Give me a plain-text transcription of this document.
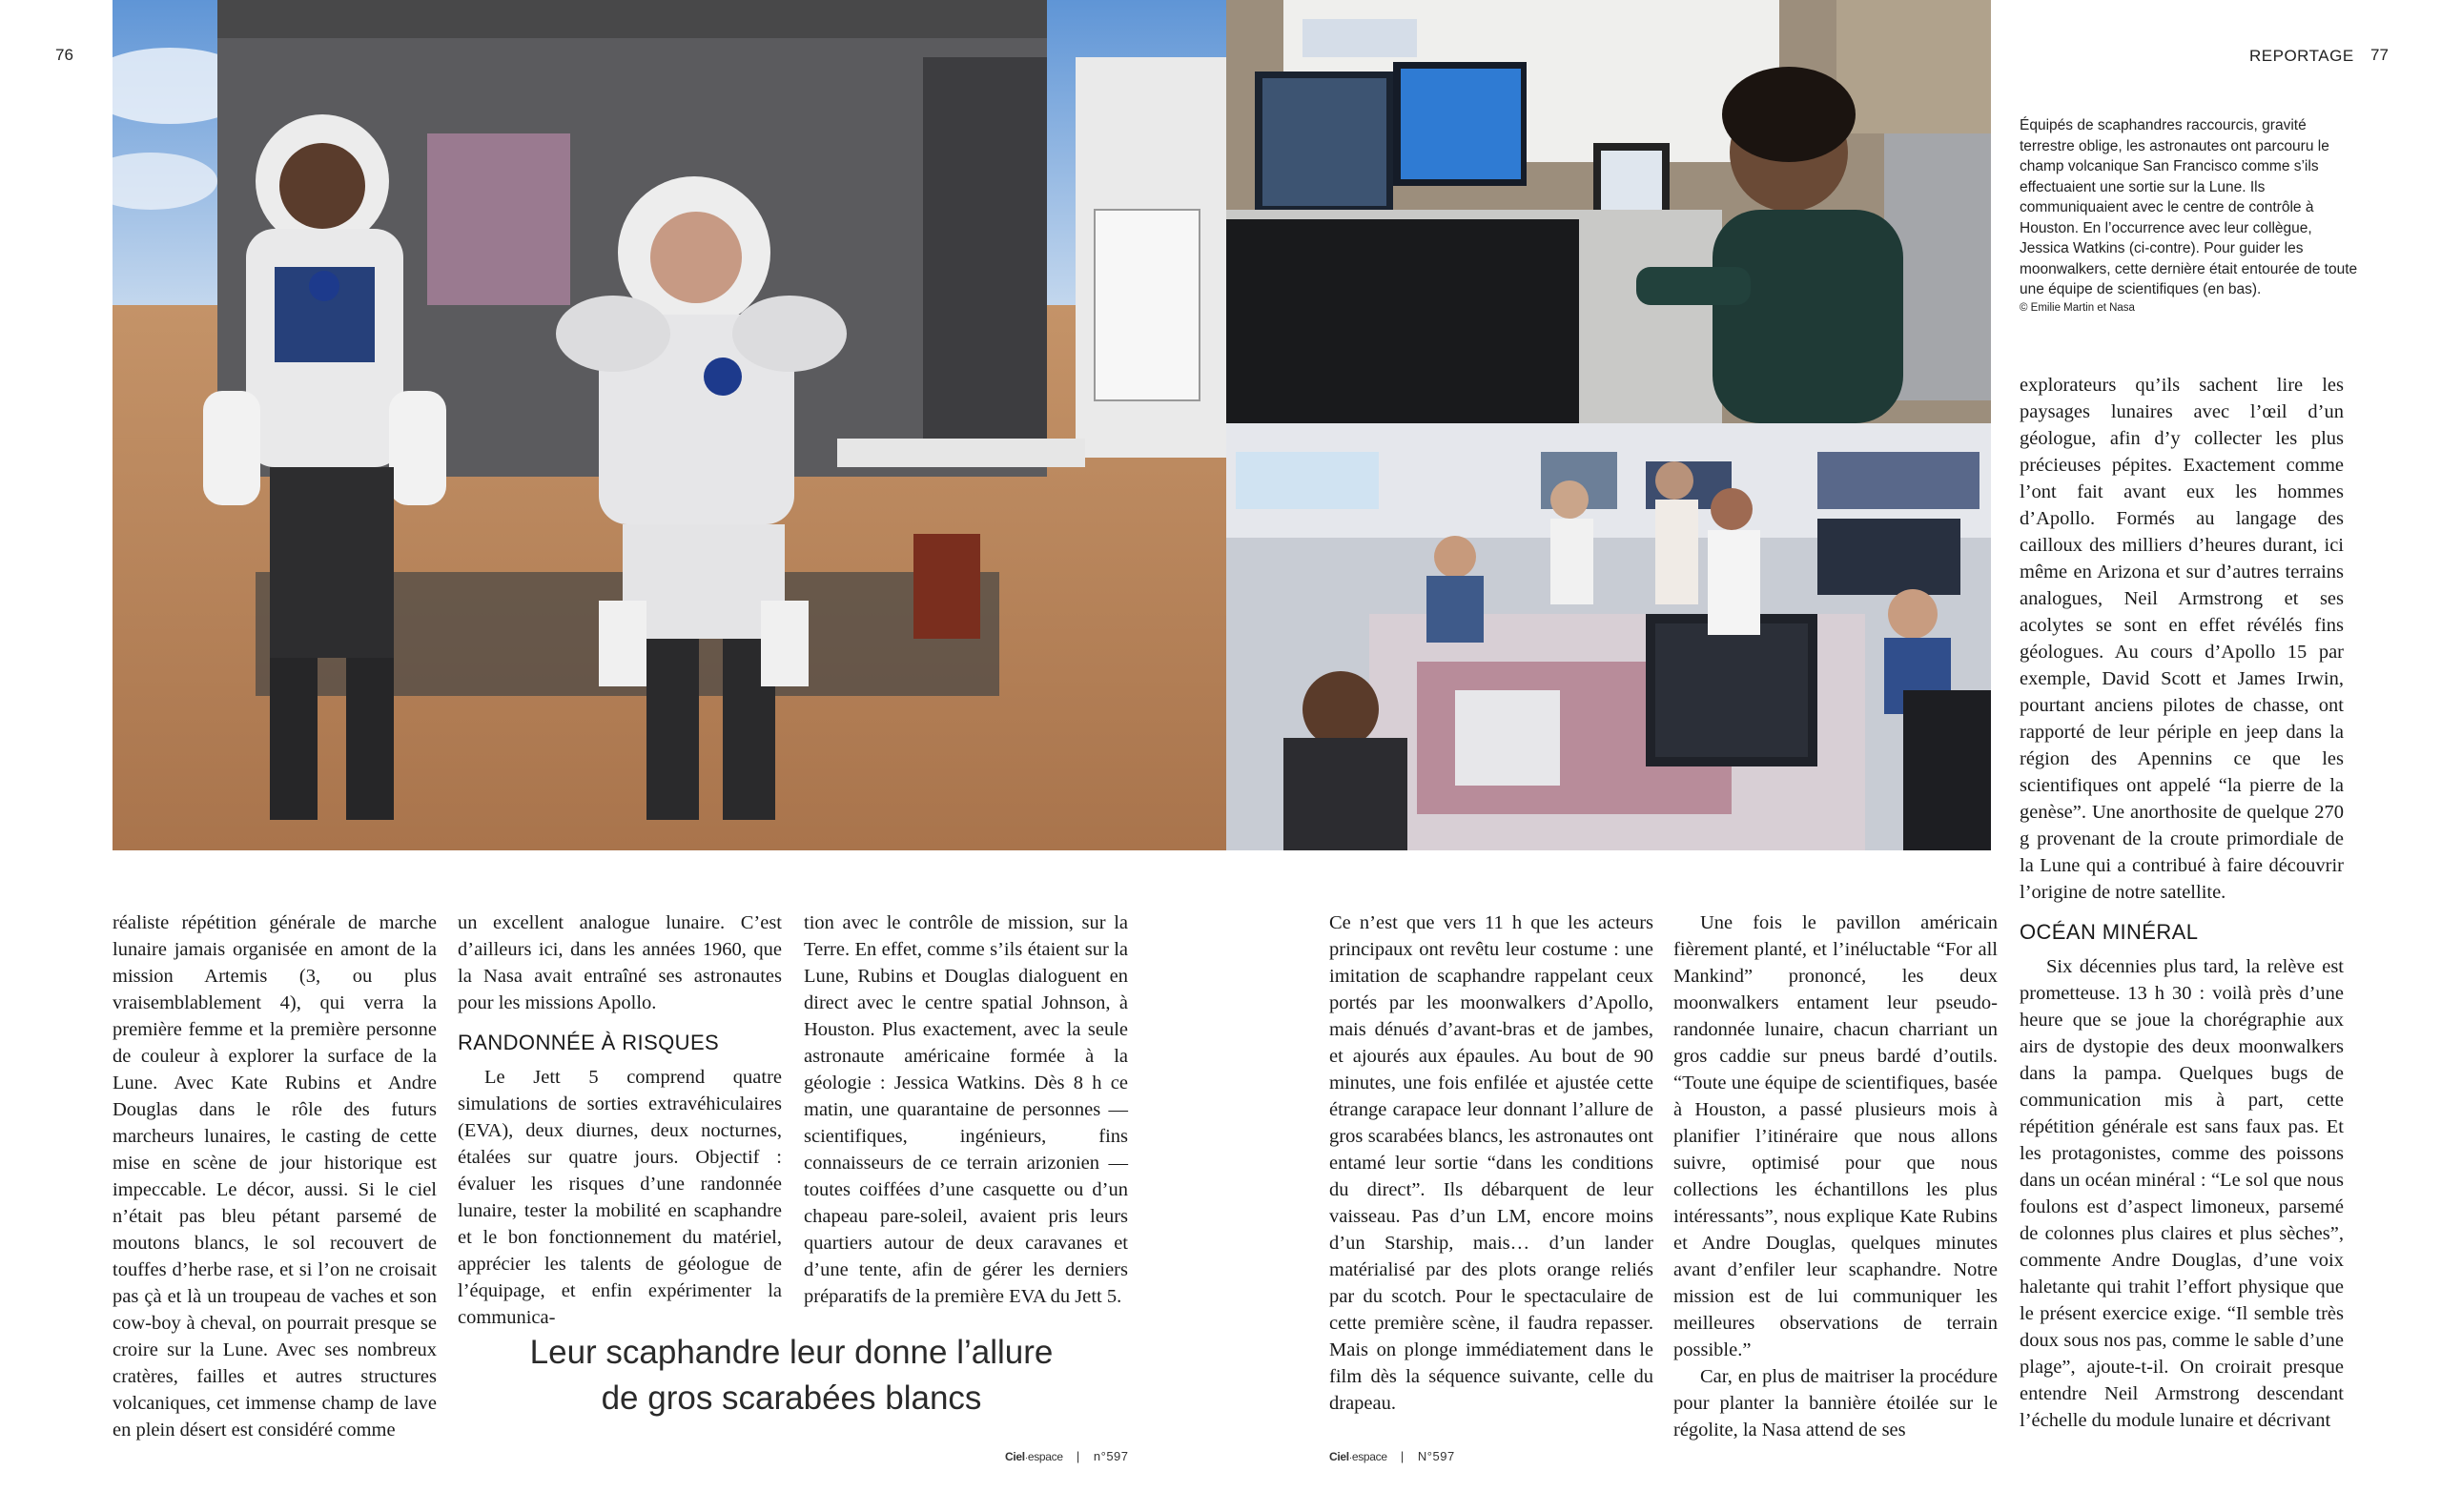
76	REPORTAGE 77
Équipés de scaphandres raccourcis, gravité terrestre oblige, les astronautes ont parcouru le champ volcanique San Francisco comme s’ils effectuaient une sortie sur la Lune. Ils communiquaient avec le centre de contrôle à Houston. En l’occurrence avec leur collègue, Jessica Watkins (ci-contre). Pour guider les moonwalkers, cette dernière était entourée de toute une équipe de scientifiques (en bas).
© Emilie Martin et Nasa

réaliste répétition générale de marche lunaire jamais organisée en amont de la mission Artemis (3, ou plus vraisemblablement 4), qui verra la première femme et la première personne de couleur à explorer la surface de la Lune. Avec Kate Rubins et Andre Douglas dans le rôle des futurs marcheurs lunaires, le casting de cette mise en scène de jour historique est impeccable. Le décor, aussi. Si le ciel n’était pas bleu pétant parsemé de moutons blancs, le sol recouvert de touffes d’herbe rase, et si l’on ne croisait pas çà et là un troupeau de vaches et son cow-boy à cheval, on pourrait presque se croire sur la Lune. Avec ses nombreux cratères, failles et autres structures volcaniques, cet immense champ de lave en plein désert est considéré comme

un excellent analogue lunaire. C’est d’ailleurs ici, dans les années 1960, que la Nasa avait entraîné ses astronautes pour les missions Apollo.

RANDONNÉE À RISQUES

Le Jett 5 comprend quatre simulations de sorties extravéhiculaires (EVA), deux diurnes, deux nocturnes, étalées sur quatre jours. Objectif : évaluer les risques d’une randonnée lunaire, tester la mobilité en scaphandre et le bon fonctionnement du matériel, apprécier les talents de géologue de l’équipage, et enfin expérimenter la communica-

tion avec le contrôle de mission, sur la Terre. En effet, comme s’ils étaient sur la Lune, Rubins et Douglas dialoguent en direct avec le centre spatial Johnson, à Houston. Plus exactement, avec la seule astronaute américaine formée à la géologie : Jessica Watkins. Dès 8 h ce matin, une quarantaine de personnes — scientifiques, ingénieurs, fins connaisseurs de ce terrain arizonien — toutes coiffées d’une casquette ou d’un chapeau pare-soleil, avaient pris leurs quartiers autour de deux caravanes et d’une tente, afin de gérer les derniers préparatifs de la première EVA du Jett 5.

Leur scaphandre leur donne l’allure
de gros scarabées blancs

Ce n’est que vers 11 h que les acteurs principaux ont revêtu leur costume : une imitation de scaphandre rappelant ceux portés par les moonwalkers d’Apollo, mais dénués d’avant-bras et de jambes, et ajourés aux épaules. Au bout de 90 minutes, une fois enfilée et ajustée cette étrange carapace leur donnant l’allure de gros scarabées blancs, les astronautes ont entamé leur sortie “dans les conditions du direct”. Ils débarquent de leur vaisseau. Pas d’un LM, encore moins d’un Starship, mais… d’un lander matérialisé par des plots orange reliés par du scotch. Pour le spectaculaire de cette première scène, il faudra repasser. Mais on plonge immédiatement dans le film dès la séquence suivante, celle du drapeau.

Une fois le pavillon américain fièrement planté, et l’inéluctable “For all Mankind” prononcé, les deux moonwalkers entament leur pseudo-randonnée lunaire, chacun charriant un gros caddie sur pneus bardé d’outils. “Toute une équipe de scientifiques, basée à Houston, a passé plusieurs mois à planifier l’itinéraire que nous allons suivre, optimisé pour que nous collections les échantillons les plus intéressants”, nous explique Kate Rubins et Andre Douglas, quelques minutes avant d’enfiler leur scaphandre. Notre mission est de lui communiquer les meilleures observations de terrain possible.”

Car, en plus de maitriser la procédure pour planter la bannière étoilée sur le régolite, la Nasa attend de ses

explorateurs qu’ils sachent lire les paysages lunaires avec l’œil d’un géologue, afin d’y collecter les plus précieuses pépites. Exactement comme l’ont fait avant eux les hommes d’Apollo. Formés au langage des cailloux des milliers d’heures durant, ici même en Arizona et sur d’autres terrains analogues, Neil Armstrong et ses acolytes se sont en effet révélés fins géologues. Au cours d’Apollo 15 par exemple, David Scott et James Irwin, pourtant anciens pilotes de chasse, ont rapporté de leur périple en jeep dans la région des Apennins ce que les scientifiques ont appelé “la pierre de la genèse”. Une anorthosite de quelque 270 g provenant de la croute primordiale de la Lune qui a contribué à faire découvrir l’origine de notre satellite.

OCÉAN MINÉRAL

Six décennies plus tard, la relève est prometteuse. 13 h 30 : voilà près d’une heure que se joue la chorégraphie aux airs de dystopie des deux moonwalkers dans la pampa. Quelques bugs de communication mis à part, cette répétition générale est sans faux pas. Et les protagonistes, comme des poissons dans un océan minéral : “Le sol que nous foulons est d’aspect limoneux, parsemé de colonnes plus claires et plus sèches”, commente Andre Douglas, d’une voix haletante qui trahit l’effort physique que le présent exercice exige. “Il semble très doux sous nos pas, comme le sable d’une plage”, ajoute-t-il. On croirait presque entendre Neil Armstrong descendant l’échelle du module lunaire et décrivant

Ciel·espace | n°597	Ciel·espace | N°597
